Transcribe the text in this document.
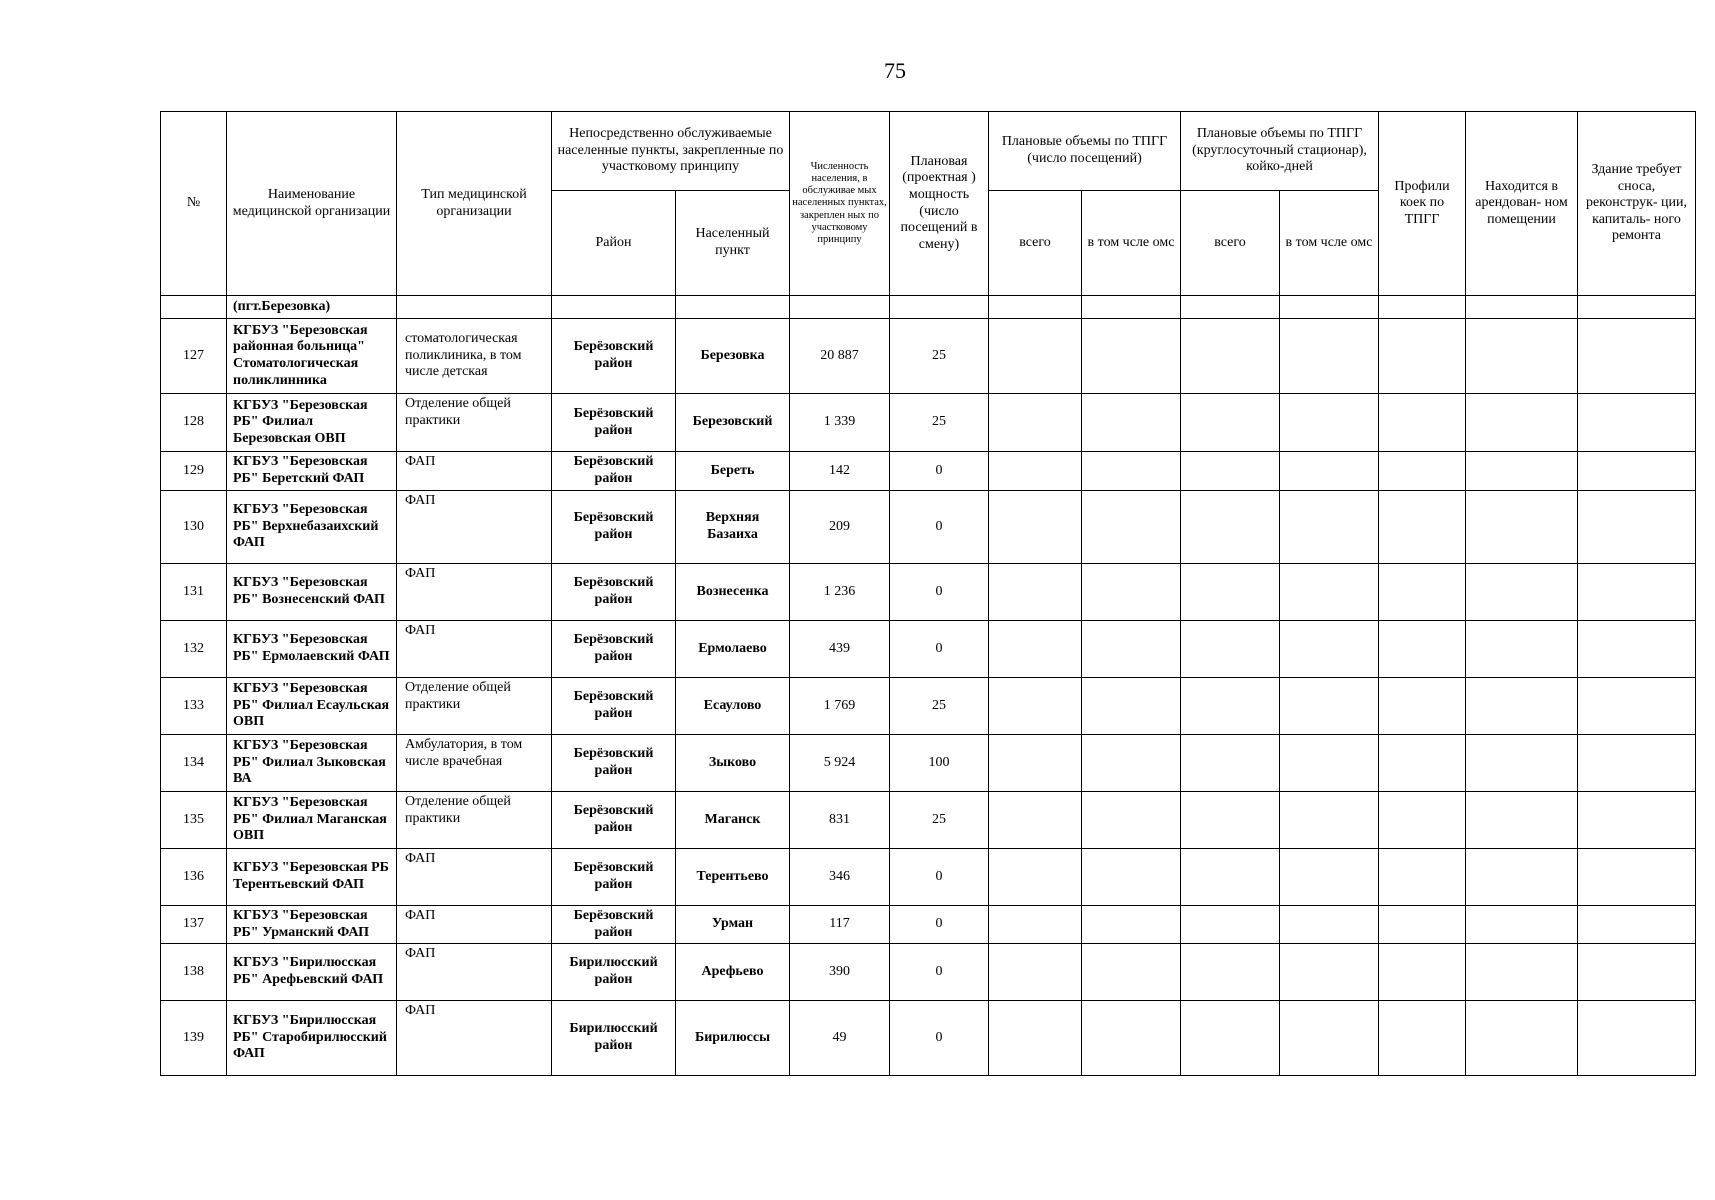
75
№	Наименование медицинской организации	Тип медицинской организации	Непосредственно обслуживаемые населенные пункты, закрепленные по участковому принципу		Численность населения, в обслуживае мых населенных пунктах, закреплен ных по участковому принципу	Плановая (проектная ) мощность (число посещений в смену)	Плановые объемы по ТПГГ (число посещений)		Плановые объемы по ТПГГ (круглосуточный стационар), койко-дней		Профили коек по ТПГГ	Находится в арендован- ном помещении	Здание требует сноса, реконструк- ции, капиталь- ного ремонта
			Район	Населенный пункт			всего	в том чсле омс	всего	в том чсле омс			
	(пгт.Березовка)												
127	КГБУЗ "Березовская районная больница" Стоматологическая поликлинника	стоматологическая поликлиника, в том числе детская	Берёзовский район	Березовка	20 887	25							
128	КГБУЗ "Березовская РБ" Филиал Березовская ОВП	Отделение общей практики	Берёзовский район	Березовский	1 339	25							
129	КГБУЗ "Березовская РБ" Беретский ФАП	ФАП	Берёзовский район	Береть	142	0							
130	КГБУЗ "Березовская РБ" Верхнебазаихский ФАП	ФАП	Берёзовский район	Верхняя Базаиха	209	0							
131	КГБУЗ "Березовская РБ" Вознесенский ФАП	ФАП	Берёзовский район	Вознесенка	1 236	0							
132	КГБУЗ "Березовская РБ" Ермолаевский ФАП	ФАП	Берёзовский район	Ермолаево	439	0							
133	КГБУЗ "Березовская РБ" Филиал Есаульская ОВП	Отделение общей практики	Берёзовский район	Есаулово	1 769	25							
134	КГБУЗ "Березовская РБ" Филиал Зыковская ВА	Амбулатория, в том числе врачебная	Берёзовский район	Зыково	5 924	100							
135	КГБУЗ "Березовская РБ" Филиал Маганская ОВП	Отделение общей практики	Берёзовский район	Маганск	831	25							
136	КГБУЗ "Березовская РБ Терентьевский ФАП	ФАП	Берёзовский район	Терентьево	346	0							
137	КГБУЗ "Березовская РБ" Урманский ФАП	ФАП	Берёзовский район	Урман	117	0							
138	КГБУЗ "Бирилюсская РБ" Арефьевский ФАП	ФАП	Бирилюсский район	Арефьево	390	0							
139	КГБУЗ "Бирилюсская РБ" Старобирилюсский ФАП	ФАП	Бирилюсский район	Бирилюссы	49	0							
